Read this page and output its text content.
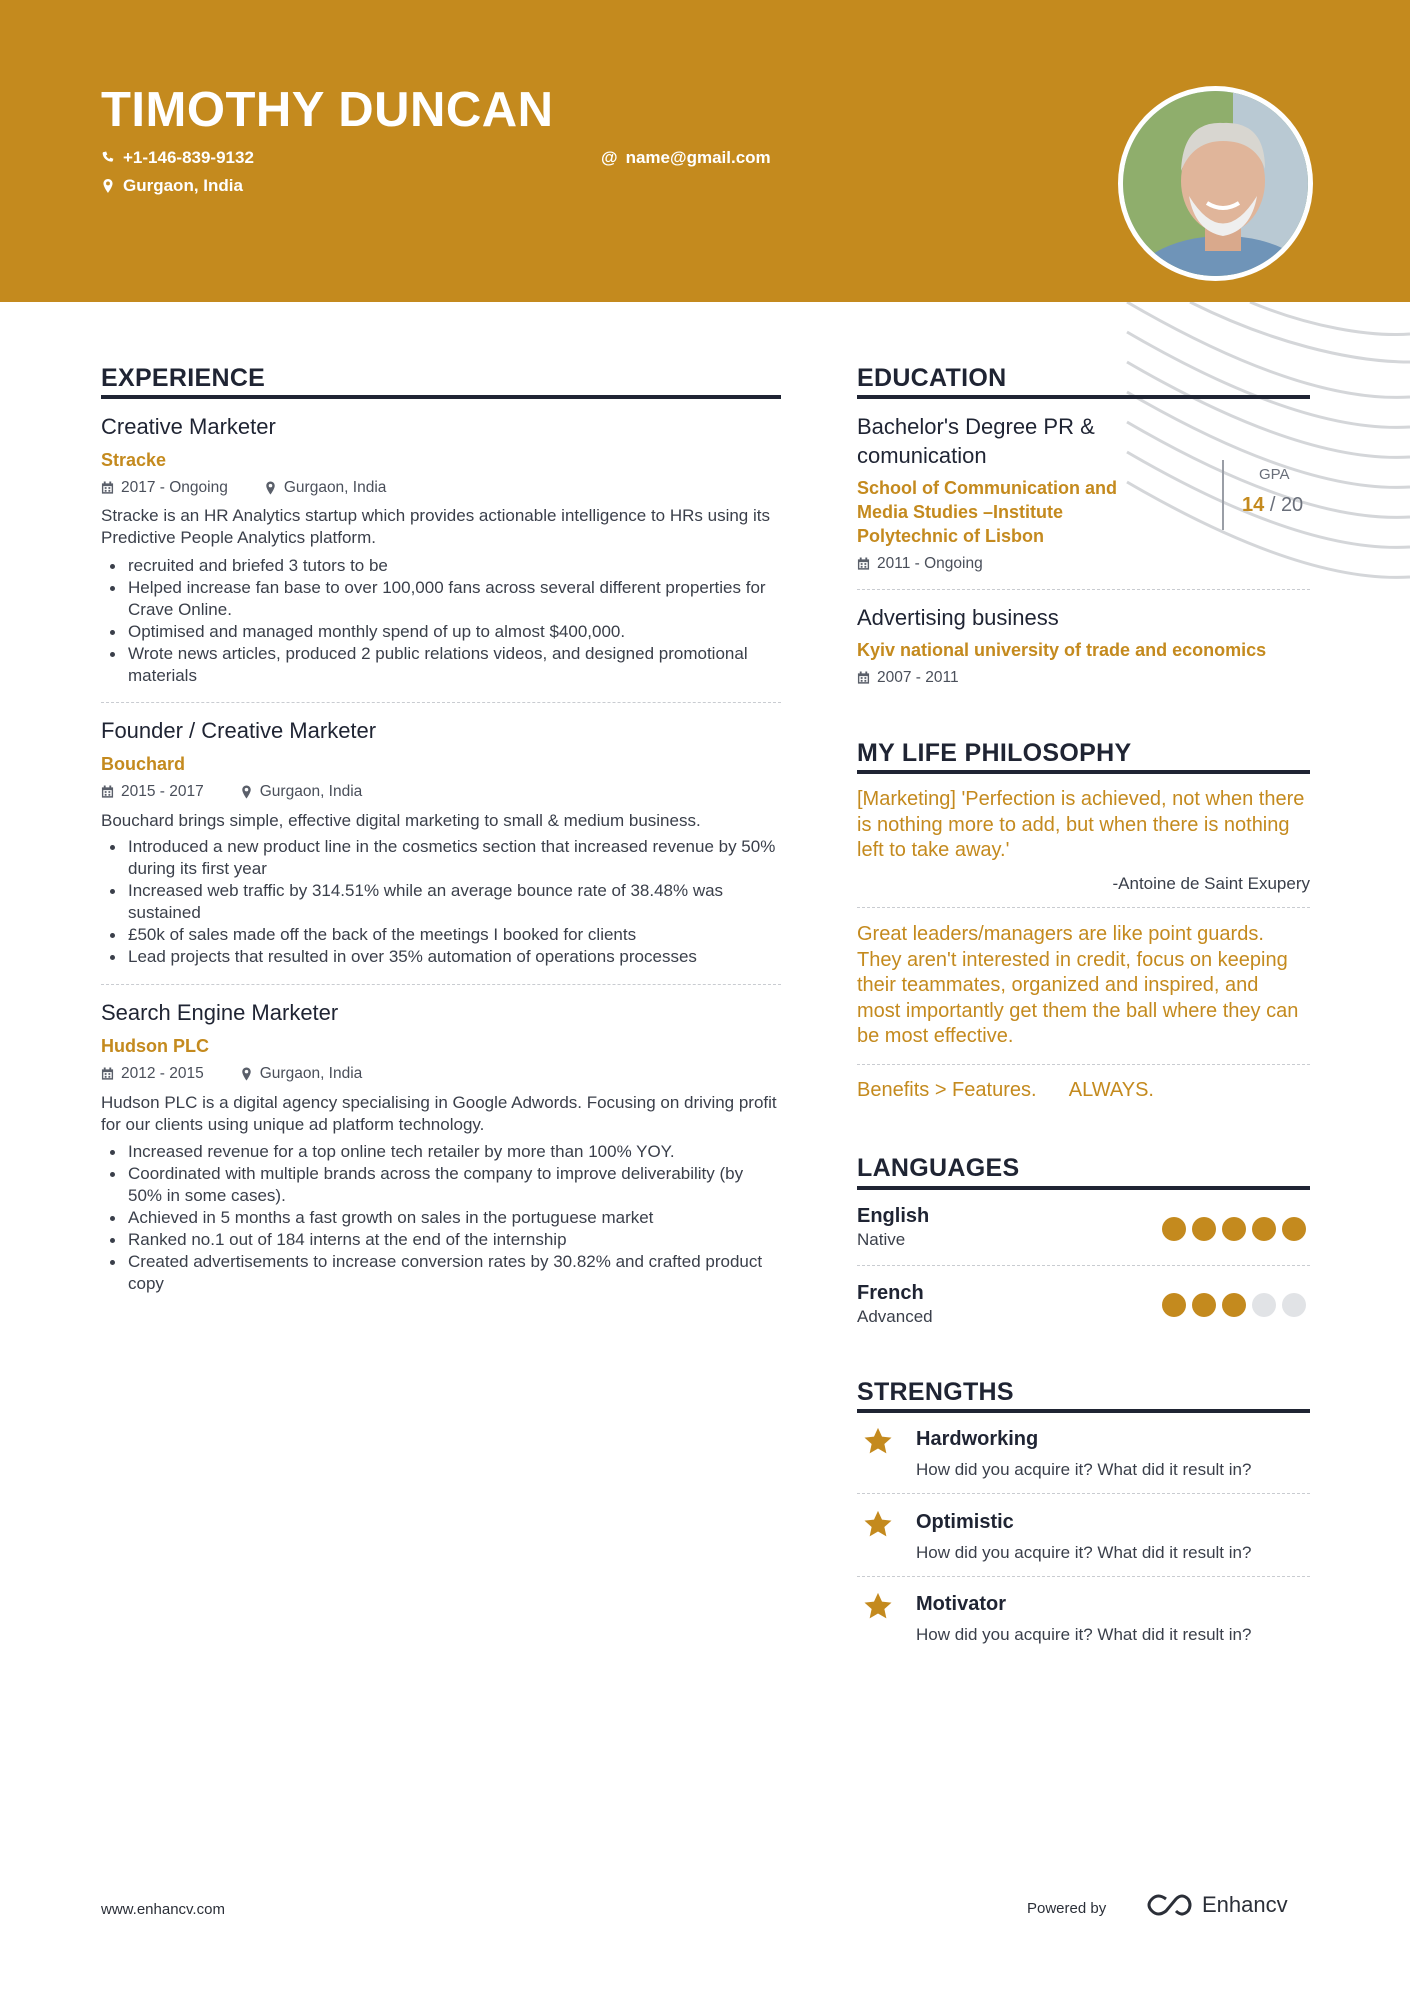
TIMOTHY DUNCAN
+1-146-839-9132	@ name@gmail.com
Gurgaon, India
EXPERIENCE
Creative Marketer
Stracke
2017 - Ongoing	Gurgaon, India
Stracke is an HR Analytics startup which provides actionable intelligence to HRs using its Predictive People Analytics platform.
recruited and briefed 3 tutors to be
Helped increase fan base to over 100,000 fans across several different properties for Crave Online.
Optimised and managed monthly spend of up to almost $400,000.
Wrote news articles, produced 2 public relations videos, and designed promotional materials
Founder / Creative Marketer
Bouchard
2015 - 2017	Gurgaon, India
Bouchard brings simple, effective digital marketing to small & medium business.
Introduced a new product line in the cosmetics section that increased revenue by 50% during its first year
Increased web traffic by 314.51% while an average bounce rate of 38.48% was sustained
£50k of sales made off the back of the meetings I booked for clients
Lead projects that resulted in over 35% automation of operations processes
Search Engine Marketer
Hudson PLC
2012 - 2015	Gurgaon, India
Hudson PLC is a digital agency specialising in Google Adwords. Focusing on driving profit for our clients using unique ad platform technology.
Increased revenue for a top online tech retailer by more than 100% YOY.
Coordinated with multiple brands across the company to improve deliverability (by 50% in some cases).
Achieved in 5 months a fast growth on sales in the portuguese market
Ranked no.1 out of 184 interns at the end of the internship
Created advertisements to increase conversion rates by 30.82% and crafted product copy
EDUCATION
Bachelor's Degree PR & comunication
School of Communication and Media Studies –Institute Polytechnic of Lisbon
2011 - Ongoing
GPA
14 / 20
Advertising business
Kyiv national university of trade and economics
2007 - 2011
MY LIFE PHILOSOPHY
[Marketing] 'Perfection is achieved, not when there is nothing more to add, but when there is nothing left to take away.'
-Antoine de Saint Exupery
Great leaders/managers are like point guards. They aren't interested in credit, focus on keeping their teammates, organized and inspired, and most importantly get them the ball where they can be most effective.
Benefits > Features.      ALWAYS.
LANGUAGES
English
Native
French
Advanced
STRENGTHS
Hardworking
How did you acquire it? What did it result in?
Optimistic
How did you acquire it? What did it result in?
Motivator
How did you acquire it? What did it result in?
www.enhancv.com	Powered by	Enhancv
